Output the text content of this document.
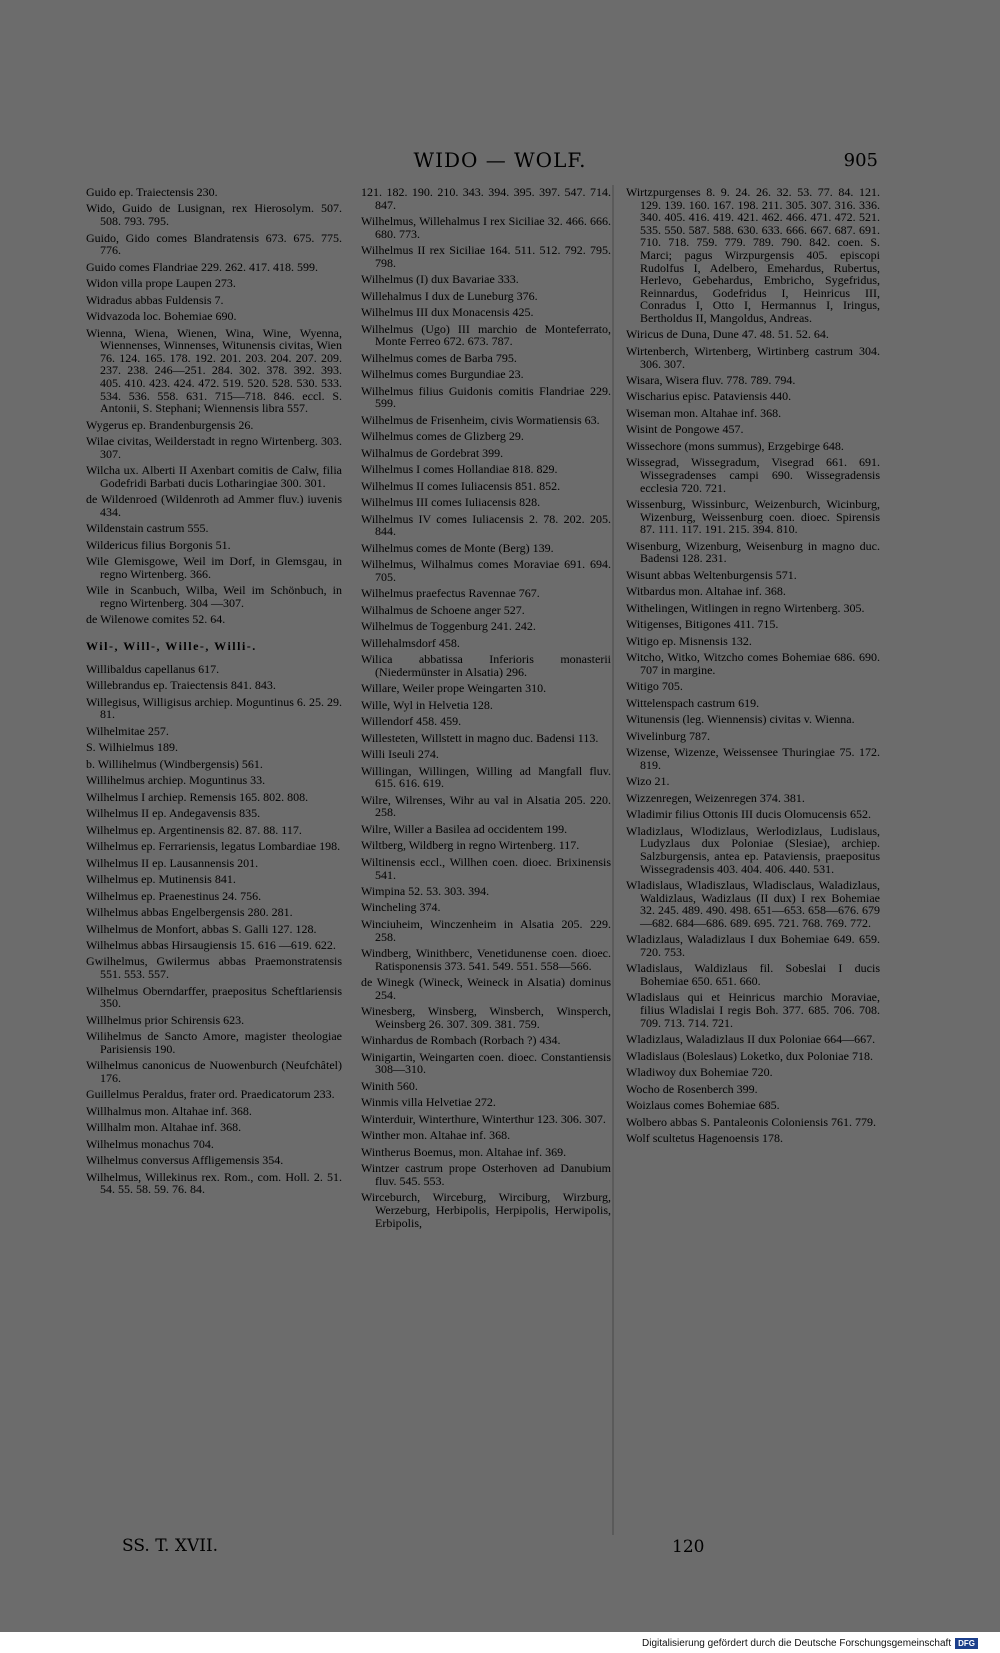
WIDO — WOLF.	905
Guido ep. Traiectensis 230.
Wido, Guido de Lusignan, rex Hierosolym. 507. 508. 793. 795.
Guido, Gido comes Blandratensis 673. 675. 775. 776.
Guido comes Flandriae 229. 262. 417. 418. 599.
Widon villa prope Laupen 273.
Widradus abbas Fuldensis 7.
Widvazoda loc. Bohemiae 690.
Wienna, Wiena, Wienen, Wina, Wine, Wyenna, Wiennenses, Winnenses, Witunensis civitas, Wien 76. 124. 165. 178. 192. 201. 203. 204. 207. 209. 237. 238. 246—251. 284. 302. 378. 392. 393. 405. 410. 423. 424. 472. 519. 520. 528. 530. 533. 534. 536. 558. 631. 715—718. 846. eccl. S. Antonii, S. Stephani; Wiennensis libra 557.
Wygerus ep. Brandenburgensis 26.
Wilae civitas, Weilderstadt in regno Wirtenberg. 303. 307.
Wilcha ux. Alberti II Axenbart comitis de Calw, filia Godefridi Barbati ducis Lotharingiae 300. 301.
de Wildenroed (Wildenroth ad Ammer fluv.) iuvenis 434.
Wildenstain castrum 555.
Wildericus filius Borgonis 51.
Wile Glemisgowe, Weil im Dorf, in Glemsgau, in regno Wirtenberg. 366.
Wile in Scanbuch, Wilba, Weil im Schönbuch, in regno Wirtenberg. 304 —307.
de Wilenowe comites 52. 64.
Wil-, Will-, Wille-, Willi-.
Willibaldus capellanus 617.
Willebrandus ep. Traiectensis 841. 843.
Willegisus, Willigisus archiep. Moguntinus 6. 25. 29. 81.
Wilhelmitae 257.
S. Wilhielmus 189.
b. Willihelmus (Windbergensis) 561.
Willihelmus archiep. Moguntinus 33.
Wilhelmus I archiep. Remensis 165. 802. 808.
Wilhelmus II ep. Andegavensis 835.
Wilhelmus ep. Argentinensis 82. 87. 88. 117.
Wilhelmus ep. Ferrariensis, legatus Lombardiae 198.
Wilhelmus II ep. Lausannensis 201.
Wilhelmus ep. Mutinensis 841.
Wilhelmus ep. Praenestinus 24. 756.
Wilhelmus abbas Engelbergensis 280. 281.
Wilhelmus de Monfort, abbas S. Galli 127. 128.
Wilhelmus abbas Hirsaugiensis 15. 616 —619. 622.
Gwilhelmus, Gwilermus abbas Praemonstratensis 551. 553. 557.
Wilhelmus Oberndarffer, praepositus Scheftlariensis 350.
Willhelmus prior Schirensis 623.
Wilihelmus de Sancto Amore, magister theologiae Parisiensis 190.
Wilhelmus canonicus de Nuowenburch (Neufchâtel) 176.
Guillelmus Peraldus, frater ord. Praedicatorum 233.
Willhalmus mon. Altahae inf. 368.
Willhalm mon. Altahae inf. 368.
Wilhelmus monachus 704.
Wilhelmus conversus Affligemensis 354.
Wilhelmus, Willekinus rex. Rom., com. Holl. 2. 51. 54. 55. 58. 59. 76. 84.
121. 182. 190. 210. 343. 394. 395. 397. 547. 714. 847.
Wilhelmus, Willehalmus I rex Siciliae 32. 466. 666. 680. 773.
Wilhelmus II rex Siciliae 164. 511. 512. 792. 795. 798.
Wilhelmus (I) dux Bavariae 333.
Willehalmus I dux de Luneburg 376.
Wilhelmus III dux Monacensis 425.
Wilhelmus (Ugo) III marchio de Monteferrato, Monte Ferreo 672. 673. 787.
Wilhelmus comes de Barba 795.
Wilhelmus comes Burgundiae 23.
Wilhelmus filius Guidonis comitis Flandriae 229. 599.
Wilhelmus de Frisenheim, civis Wormatiensis 63.
Wilhelmus comes de Glizberg 29.
Wilhalmus de Gordebrat 399.
Wilhelmus I comes Hollandiae 818. 829.
Wilhelmus II comes Iuliacensis 851. 852.
Wilhelmus III comes Iuliacensis 828.
Wilhelmus IV comes Iuliacensis 2. 78. 202. 205. 844.
Wilhelmus comes de Monte (Berg) 139.
Wilhelmus, Wilhalmus comes Moraviae 691. 694. 705.
Wilhelmus praefectus Ravennae 767.
Wilhalmus de Schoene anger 527.
Wilhelmus de Toggenburg 241. 242.
Willehalmsdorf 458.
Wilica abbatissa Inferioris monasterii (Niedermünster in Alsatia) 296.
Willare, Weiler prope Weingarten 310.
Wille, Wyl in Helvetia 128.
Willendorf 458. 459.
Willesteten, Willstett in magno duc. Badensi 113.
Willi Iseuli 274.
Willingan, Willingen, Willing ad Mangfall fluv. 615. 616. 619.
Wilre, Wilrenses, Wihr au val in Alsatia 205. 220. 258.
Wilre, Willer a Basilea ad occidentem 199.
Wiltberg, Wildberg in regno Wirtenberg. 117.
Wiltinensis eccl., Willhen coen. dioec. Brixinensis 541.
Wimpina 52. 53. 303. 394.
Wincheling 374.
Winciuheim, Winczenheim in Alsatia 205. 229. 258.
Windberg, Winithberc, Venetidunense coen. dioec. Ratisponensis 373. 541. 549. 551. 558—566.
de Winegk (Wineck, Weineck in Alsatia) dominus 254.
Winesberg, Winsberg, Winsberch, Winsperch, Weinsberg 26. 307. 309. 381. 759.
Winhardus de Rombach (Rorbach ?) 434.
Winigartin, Weingarten coen. dioec. Constantiensis 308—310.
Winith 560.
Winmis villa Helvetiae 272.
Winterduir, Winterthure, Winterthur 123. 306. 307.
Winther mon. Altahae inf. 368.
Wintherus Boemus, mon. Altahae inf. 369.
Wintzer castrum prope Osterhoven ad Danubium fluv. 545. 553.
Wirceburch, Wirceburg, Wirciburg, Wirzburg, Werzeburg, Herbipolis, Herpipolis, Herwipolis, Erbipolis,
Wirtzpurgenses 8. 9. 24. 26. 32. 53. 77. 84. 121. 129. 139. 160. 167. 198. 211. 305. 307. 316. 336. 340. 405. 416. 419. 421. 462. 466. 471. 472. 521. 535. 550. 587. 588. 630. 633. 666. 667. 687. 691. 710. 718. 759. 779. 789. 790. 842. coen. S. Marci; pagus Wirzpurgensis 405. episcopi Rudolfus I, Adelbero, Emehardus, Rubertus, Herlevo, Gebehardus, Embricho, Sygefridus, Reinnardus, Godefridus I, Heinricus III, Conradus I, Otto I, Hermannus I, Iringus, Bertholdus II, Mangoldus, Andreas.
Wiricus de Duna, Dune 47. 48. 51. 52. 64.
Wirtenberch, Wirtenberg, Wirtinberg castrum 304. 306. 307.
Wisara, Wisera fluv. 778. 789. 794.
Wischarius episc. Pataviensis 440.
Wiseman mon. Altahae inf. 368.
Wisint de Pongowe 457.
Wissechore (mons summus), Erzgebirge 648.
Wissegrad, Wissegradum, Visegrad 661. 691. Wissegradenses campi 690. Wissegradensis ecclesia 720. 721.
Wissenburg, Wissinburc, Weizenburch, Wicinburg, Wizenburg, Weissenburg coen. dioec. Spirensis 87. 111. 117. 191. 215. 394. 810.
Wisenburg, Wizenburg, Weisenburg in magno duc. Badensi 128. 231.
Wisunt abbas Weltenburgensis 571.
Witbardus mon. Altahae inf. 368.
Withelingen, Witlingen in regno Wirtenberg. 305.
Witigenses, Bitigones 411. 715.
Witigo ep. Misnensis 132.
Witcho, Witko, Witzcho comes Bohemiae 686. 690. 707 in margine.
Witigo 705.
Wittelenspach castrum 619.
Witunensis (leg. Wiennensis) civitas v. Wienna.
Wivelinburg 787.
Wizense, Wizenze, Weissensee Thuringiae 75. 172. 819.
Wizo 21.
Wizzenregen, Weizenregen 374. 381.
Wladimir filius Ottonis III ducis Olomucensis 652.
Wladizlaus, Wlodizlaus, Werlodizlaus, Ludislaus, Ludyzlaus dux Poloniae (Slesiae), archiep. Salzburgensis, antea ep. Pataviensis, praepositus Wissegradensis 403. 404. 406. 440. 531.
Wladislaus, Wladiszlaus, Wladisclaus, Waladizlaus, Waldizlaus, Wadizlaus (II dux) I rex Bohemiae 32. 245. 489. 490. 498. 651—653. 658—676. 679—682. 684—686. 689. 695. 721. 768. 769. 772.
Wladizlaus, Waladizlaus I dux Bohemiae 649. 659. 720. 753.
Wladislaus, Waldizlaus fil. Sobeslai I ducis Bohemiae 650. 651. 660.
Wladislaus qui et Heinricus marchio Moraviae, filius Wladislai I regis Boh. 377. 685. 706. 708. 709. 713. 714. 721.
Wladizlaus, Waladizlaus II dux Poloniae 664—667.
Wladislaus (Boleslaus) Loketko, dux Poloniae 718.
Wladiwoy dux Bohemiae 720.
Wocho de Rosenberch 399.
Woizlaus comes Bohemiae 685.
Wolbero abbas S. Pantaleonis Coloniensis 761. 779.
Wolf scultetus Hagenoensis 178.
SS. T. XVII.	120
Digitalisierung gefördert durch die Deutsche Forschungsgemeinschaft DFG
